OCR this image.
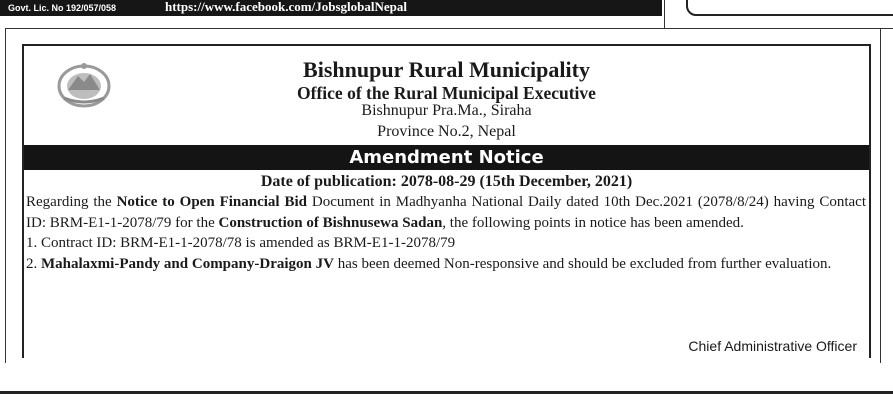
Govt. Lic. No 192/057/058	https://www.facebook.com/JobsglobalNepal
Bishnupur Rural Municipality
Office of the Rural Municipal Executive
Bishnupur Pra.Ma., Siraha
Province No.2, Nepal
Amendment Notice
Date of publication: 2078-08-29 (15th December, 2021)

Regarding the Notice to Open Financial Bid Document in Madhyanha National Daily dated 10th Dec.2021 (2078/8/24) having Contact ID: BRM-E1-1-2078/79 for the Construction of Bishnusewa Sadan, the following points in notice has been amended.

1. Contract ID: BRM-E1-1-2078/78 is amended as BRM-E1-1-2078/79

2. Mahalaxmi-Pandy and Company-Draigon JV has been deemed Non-responsive and should be excluded from further evaluation.

Chief Administrative Officer
